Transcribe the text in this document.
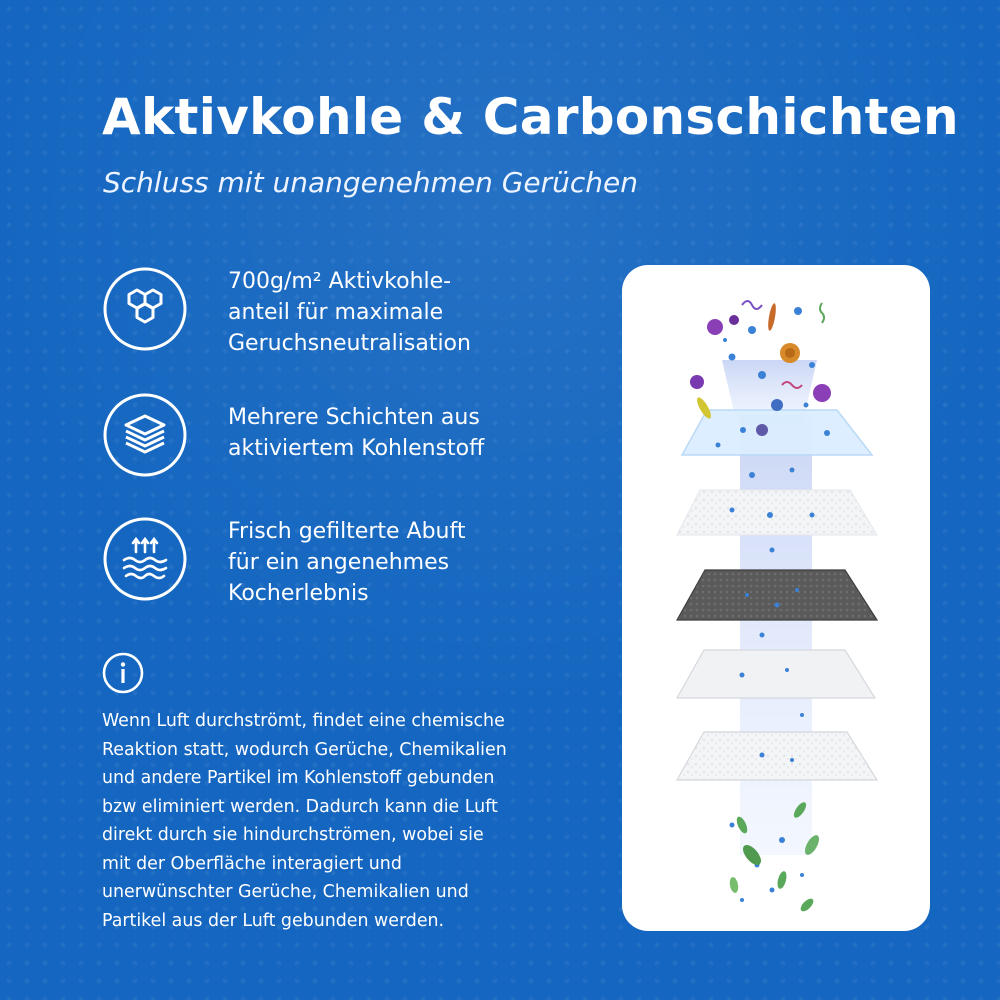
Aktivkohle & Carbonschichten
Schluss mit unangenehmen Gerüchen
700g/m² Aktivkohle-
anteil für maximale
Geruchsneutralisation
Mehrere Schichten aus
aktiviertem Kohlenstoff
Frisch gefilterte Abuft
für ein angenehmes
Kocherlebnis
Wenn Luft durchströmt, findet eine chemische
Reaktion statt, wodurch Gerüche, Chemikalien
und andere Partikel im Kohlenstoff gebunden
bzw eliminiert werden. Dadurch kann die Luft
direkt durch sie hindurchströmen, wobei sie
mit der Oberfläche interagiert und
unerwünschter Gerüche, Chemikalien und
Partikel aus der Luft gebunden werden.
